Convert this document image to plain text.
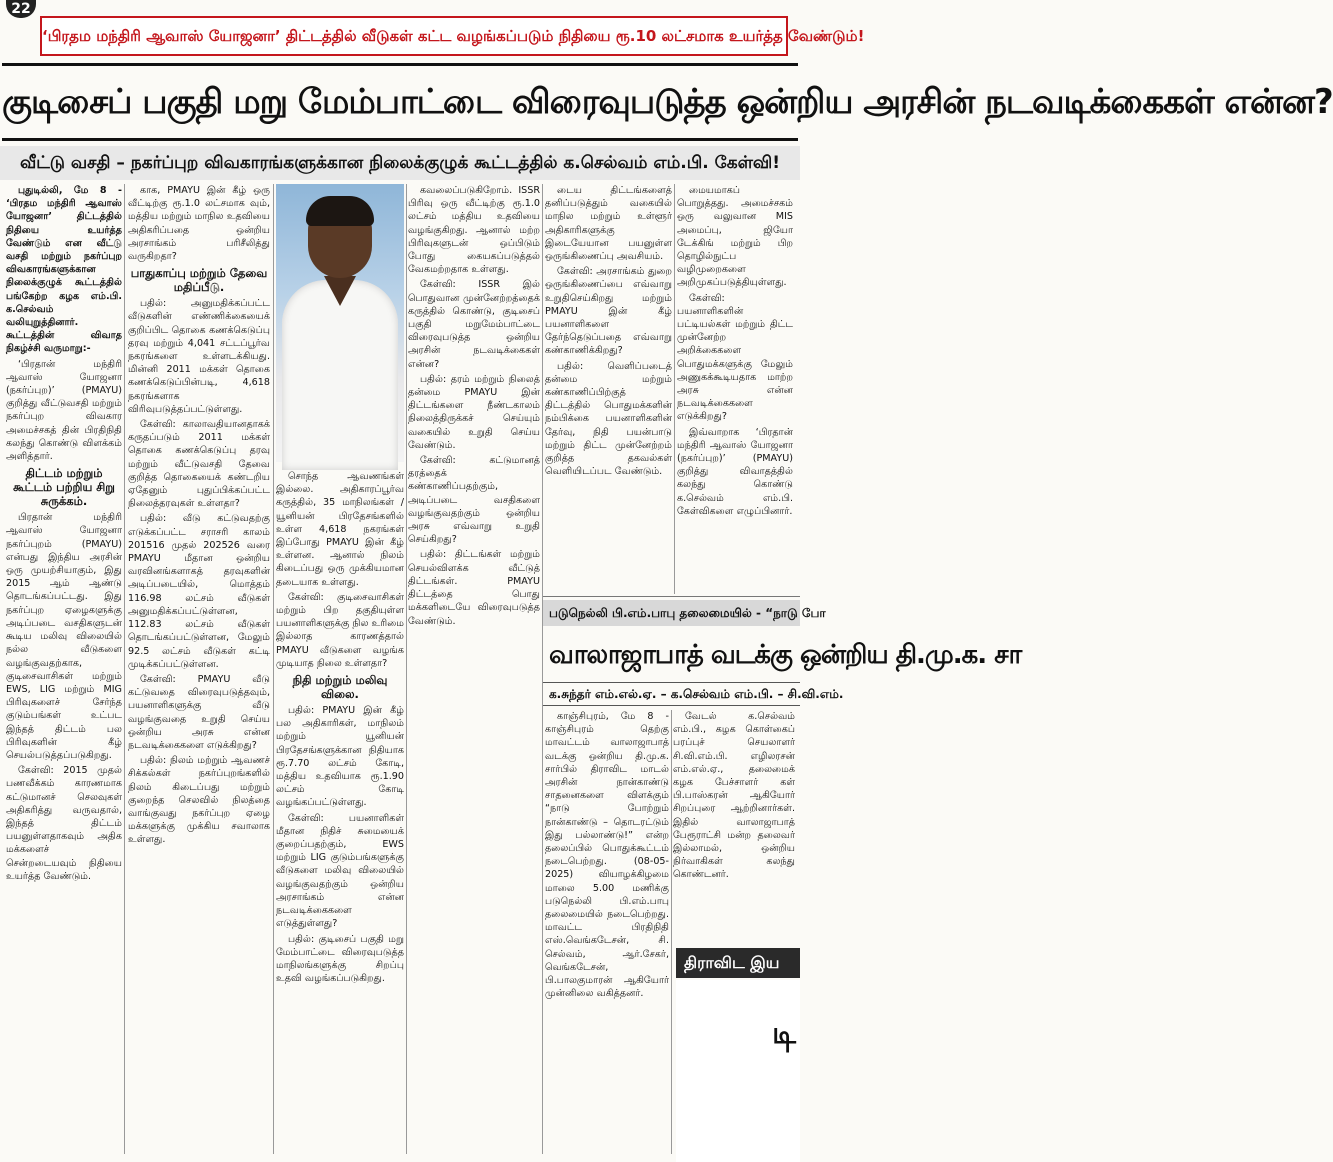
22
‘பிரதம மந்திரி ஆவாஸ் யோஜனா’ திட்டத்தில் வீடுகள் கட்ட வழங்கப்படும் நிதியை ரூ.10 லட்சமாக உயர்த்த வேண்டும்!
குடிசைப் பகுதி மறு மேம்பாட்டை விரைவுபடுத்த ஒன்றிய அரசின் நடவடிக்கைகள் என்ன?
வீட்டு வசதி – நகர்ப்புற விவகாரங்களுக்கான நிலைக்குழுக் கூட்டத்தில் க.செல்வம் எம்.பி. கேள்வி!

புதுடில்லி, மே 8 - ‘பிரதம மந்திரி ஆவாஸ் யோஜனா’ திட்டத்தில் நிதியை உயர்த்த வேண்டும் என வீட்டு வசதி மற்றும் நகர்ப்புற விவகாரங்களுக்கான நிலைக்குழுக் கூட்டத்தில் பங்கேற்ற கழக எம்.பி. க.செல்வம் வலியுறுத்தினார். கூட்டத்தின் விவாத நிகழ்ச்சி வருமாறு:-

‘பிரதான் மந்திரி ஆவாஸ் யோஜனா (நகர்ப்புற)’ (PMAYU) குறித்து வீட்டுவசதி மற்றும் நகர்ப்புற விவகார அமைச்சகத் தின் பிரதிநிதி கலந்து கொண்டு விளக்கம் அளித்தார்.

திட்டம் மற்றும் கூட்டம் பற்றிய சிறு சுருக்கம்.

பிரதான் மந்திரி ஆவாஸ் யோஜனா நகர்ப்புறம் (PMAYU) என்பது இந்திய அரசின் ஒரு முயற்சியாகும், இது 2015 ஆம் ஆண்டு தொடங்கப்பட்டது. இது நகர்ப்புற ஏழைகளுக்கு அடிப்படை வசதிகளுடன் கூடிய மலிவு விலையில் நல்ல வீடுகளை வழங்குவதற்காக, குடிசைவாசிகள் மற்றும் EWS, LIG மற்றும் MIG பிரிவுகளைச் சேர்ந்த குடும்பங்கள் உட்பட இந்தத் திட்டம் பல பிரிவுகளின் கீழ் செயல்படுத்தப்படுகிறது.

கேள்வி: 2015 முதல் பணவீக்கம் காரணமாக கட்டுமானச் செலவுகள் அதிகரித்து வருவதால், இந்தத் திட்டம் பயனுள்ளதாகவும் அதிக மக்களைச் சென்றடையவும் நிதியை உயர்த்த வேண்டும்.

காக, PMAYU இன் கீழ் ஒரு வீட்டிற்கு ரூ.1.0 லட்சமாக வும், மத்திய மற்றும் மாநில உதவியை அதிகரிப்பதை ஒன்றிய அரசாங்கம் பரிசீலித்து வருகிறதா?

பாதுகாப்பு மற்றும் தேவை மதிப்பீடு.

பதில்: அனுமதிக்கப்பட்ட வீடுகளின் எண்ணிக்கையைக் குறிப்பிட தொகை கணக்கெடுப்பு தரவு மற்றும் 4,041 சட்டப்பூர்வ நகரங்களை உள்ளடக்கியது. மின்னி 2011 மக்கள் தொகை கணக்கெடுப்பின்படி, 4,618 நகரங்களாக விரிவுபடுத்தப்பட்டுள்ளது.

கேள்வி: காலாவதியானதாகக் கருதப்படும் 2011 மக்கள் தொகை கணக்கெடுப்பு தரவு மற்றும் வீட்டுவசதி தேவை குறித்த தொகையைக் கண்டறிய ஏதேனும் புதுப்பிக்கப்பட்ட நிலைத்தரவுகள் உள்ளதா?

பதில்: வீடு கட்டுவதற்கு எடுக்கப்பட்ட சராசரி காலம் 201516 முதல் 202526 வரை PMAYU மீதான ஒன்றிய வரவினங்களாகத் தரவுகளின் அடிப்படையில், மொத்தம் 116.98 லட்சம் வீடுகள் அனுமதிக்கப்பட்டுள்ளன, 112.83 லட்சம் வீடுகள் தொடங்கப்பட்டுள்ளன, மேலும் 92.5 லட்சம் வீடுகள் கட்டி முடிக்கப்பட்டுள்ளன.

கேள்வி: PMAYU வீடு கட்டுவதை விரைவுபடுத்தவும், பயனாளிகளுக்கு வீடு வழங்குவதை உறுதி செய்ய ஒன்றிய அரசு என்ன நடவடிக்கைகளை எடுக்கிறது?

பதில்: நிலம் மற்றும் ஆவணச் சிக்கல்கள் நகர்ப்புறங்களில் நிலம் கிடைப்பது மற்றும் குறைந்த செலவில் நிலத்தை வாங்குவது நகர்ப்புற ஏழை மக்களுக்கு முக்கிய சவாலாக உள்ளது.

சொந்த ஆவணங்கள் இல்லை. அதிகாரப்பூர்வ கருத்தில், 35 மாநிலங்கள் / யூனியன் பிரதேசங்களில் உள்ள 4,618 நகரங்கள் இப்போது PMAYU இன் கீழ் உள்ளன. ஆனால் நிலம் கிடைப்பது ஒரு முக்கியமான தடையாக உள்ளது.

கேள்வி: குடிசைவாசிகள் மற்றும் பிற தகுதியுள்ள பயனாளிகளுக்கு நில உரிமை இல்லாத காரணத்தால் PMAYU வீடுகளை வழங்க முடியாத நிலை உள்ளதா?

நிதி மற்றும் மலிவு விலை.

பதில்: PMAYU இன் கீழ் பல அதிகாரிகள், மாநிலம் மற்றும் யூனியன் பிரதேசங்களுக்கான நிதியாக ரூ.7.70 லட்சம் கோடி, மத்திய உதவியாக ரூ.1.90 லட்சம் கோடி வழங்கப்பட்டுள்ளது.

கேள்வி: பயனாளிகள் மீதான நிதிச் சுமையைக் குறைப்பதற்கும், EWS மற்றும் LIG குடும்பங்களுக்கு வீடுகளை மலிவு விலையில் வழங்குவதற்கும் ஒன்றிய அரசாங்கம் என்ன நடவடிக்கைகளை எடுத்துள்ளது?

பதில்: குடிசைப் பகுதி மறு மேம்பாட்டை விரைவுபடுத்த மாநிலங்களுக்கு சிறப்பு உதவி வழங்கப்படுகிறது.

கவலைப்படுகிறோம். ISSR பிரிவு ஒரு வீட்டிற்கு ரூ.1.0 லட்சம் மத்திய உதவியை வழங்குகிறது. ஆனால் மற்ற பிரிவுகளுடன் ஒப்பிடும் போது கையகப்படுத்தல் வேகமற்றதாக உள்ளது.

கேள்வி: ISSR இல் பொதுவான முன்னேற்றத்தைக் கருத்தில் கொண்டு, குடிசைப் பகுதி மறுமேம்பாட்டை விரைவுபடுத்த ஒன்றிய அரசின் நடவடிக்கைகள் என்ன?

பதில்: தரம் மற்றும் நிலைத் தன்மை PMAYU இன் திட்டங்களை நீண்டகாலம் நிலைத்திருக்கச் செய்யும் வகையில் உறுதி செய்ய வேண்டும்.

கேள்வி: கட்டுமானத் தரத்தைக் கண்காணிப்பதற்கும், அடிப்படை வசதிகளை வழங்குவதற்கும் ஒன்றிய அரசு எவ்வாறு உறுதி செய்கிறது?

பதில்: திட்டங்கள் மற்றும் செயல்விளக்க வீட்டுத் திட்டங்கள். PMAYU திட்டத்தை பொது மக்களிடையே விரைவுபடுத்த வேண்டும்.

டைய திட்டங்களைத் தனிப்படுத்தும் வகையில் மாநில மற்றும் உள்ளூர் அதிகாரிகளுக்கு இடையேயான பயனுள்ள ஒருங்கிணைப்பு அவசியம்.

கேள்வி: அரசாங்கம் துறை ஒருங்கிணைப்பை எவ்வாறு உறுதிசெய்கிறது மற்றும் PMAYU இன் கீழ் பயனாளிகளை தேர்ந்தெடுப்பதை எவ்வாறு கண்காணிக்கிறது?

பதில்: வெளிப்படைத் தன்மை மற்றும் கண்காணிப்பிற்குத் திட்டத்தில் பொதுமக்களின் நம்பிக்கை பயனாளிகளின் தேர்வு, நிதி பயன்பாடு மற்றும் திட்ட முன்னேற்றம் குறித்த தகவல்கள் வெளியிடப்பட வேண்டும்.

மையமாகப் பொறுத்தது. அமைச்சகம் ஒரு வலுவான MIS அமைப்பு, ஜியோ டேக்கிங் மற்றும் பிற தொழில்நுட்ப வழிமுறைகளை அறிமுகப்படுத்தியுள்ளது.

கேள்வி: பயனாளிகளின் பட்டியல்கள் மற்றும் திட்ட முன்னேற்ற அறிக்கைகளை பொதுமக்களுக்கு மேலும் அணுகக்கூடியதாக மாற்ற அரசு என்ன நடவடிக்கைகளை எடுக்கிறது?

இவ்வாறாக ‘பிரதான் மந்திரி ஆவாஸ் யோஜனா (நகர்ப்புற)’ (PMAYU) குறித்து விவாதத்தில் கலந்து கொண்டு க.செல்வம் எம்.பி. கேள்விகளை எழுப்பினார்.

படுநெல்லி பி.எம்.பாபு தலைமையில் - “நாடு போ
வாலாஜாபாத் வடக்கு ஒன்றிய தி.மு.க. சா
க.சுந்தர் எம்.எல்.ஏ. – க.செல்வம் எம்.பி. – சி.வி.எம்.

காஞ்சிபுரம், மே 8 - காஞ்சிபுரம் தெற்கு மாவட்டம் வாலாஜாபாத் வடக்கு ஒன்றிய தி.மு.க. சார்பில் திராவிட மாடல் அரசின் நான்காண்டு சாதனைகளை விளக்கும் “நாடு போற்றும் நான்காண்டு – தொடரட்டும் இது பல்லாண்டு!” என்ற தலைப்பில் பொதுக்கூட்டம் நடைபெற்றது. (08-05-2025) வியாழக்கிழமை மாலை 5.00 மணிக்கு படுநெல்லி பி.எம்.பாபு தலைமையில் நடைபெற்றது. மாவட்ட பிரதிநிதி எஸ்.வெங்கடேசன், சி. செல்வம், ஆர்.சேகர், வெங்கடேசன், பி.பாலகுமாரன் ஆகியோர் முன்னிலை வகித்தனர்.

வேடல் க.செல்வம் எம்.பி., கழக கொள்கைப் பரப்புச் செயலாளர் சி.வி.எம்.பி. எழிலரசன் எம்.எல்.ஏ., தலைமைக் கழக பேச்சாளர் கள் பி.பாஸ்கரன் ஆகியோர் சிறப்புரை ஆற்றினார்கள். இதில் வாலாஜாபாத் பேரூராட்சி மன்ற தலைவர் இல்லாமல், ஒன்றிய நிர்வாகிகள் கலந்து கொண்டனர்.

திராவிட இய
டி
